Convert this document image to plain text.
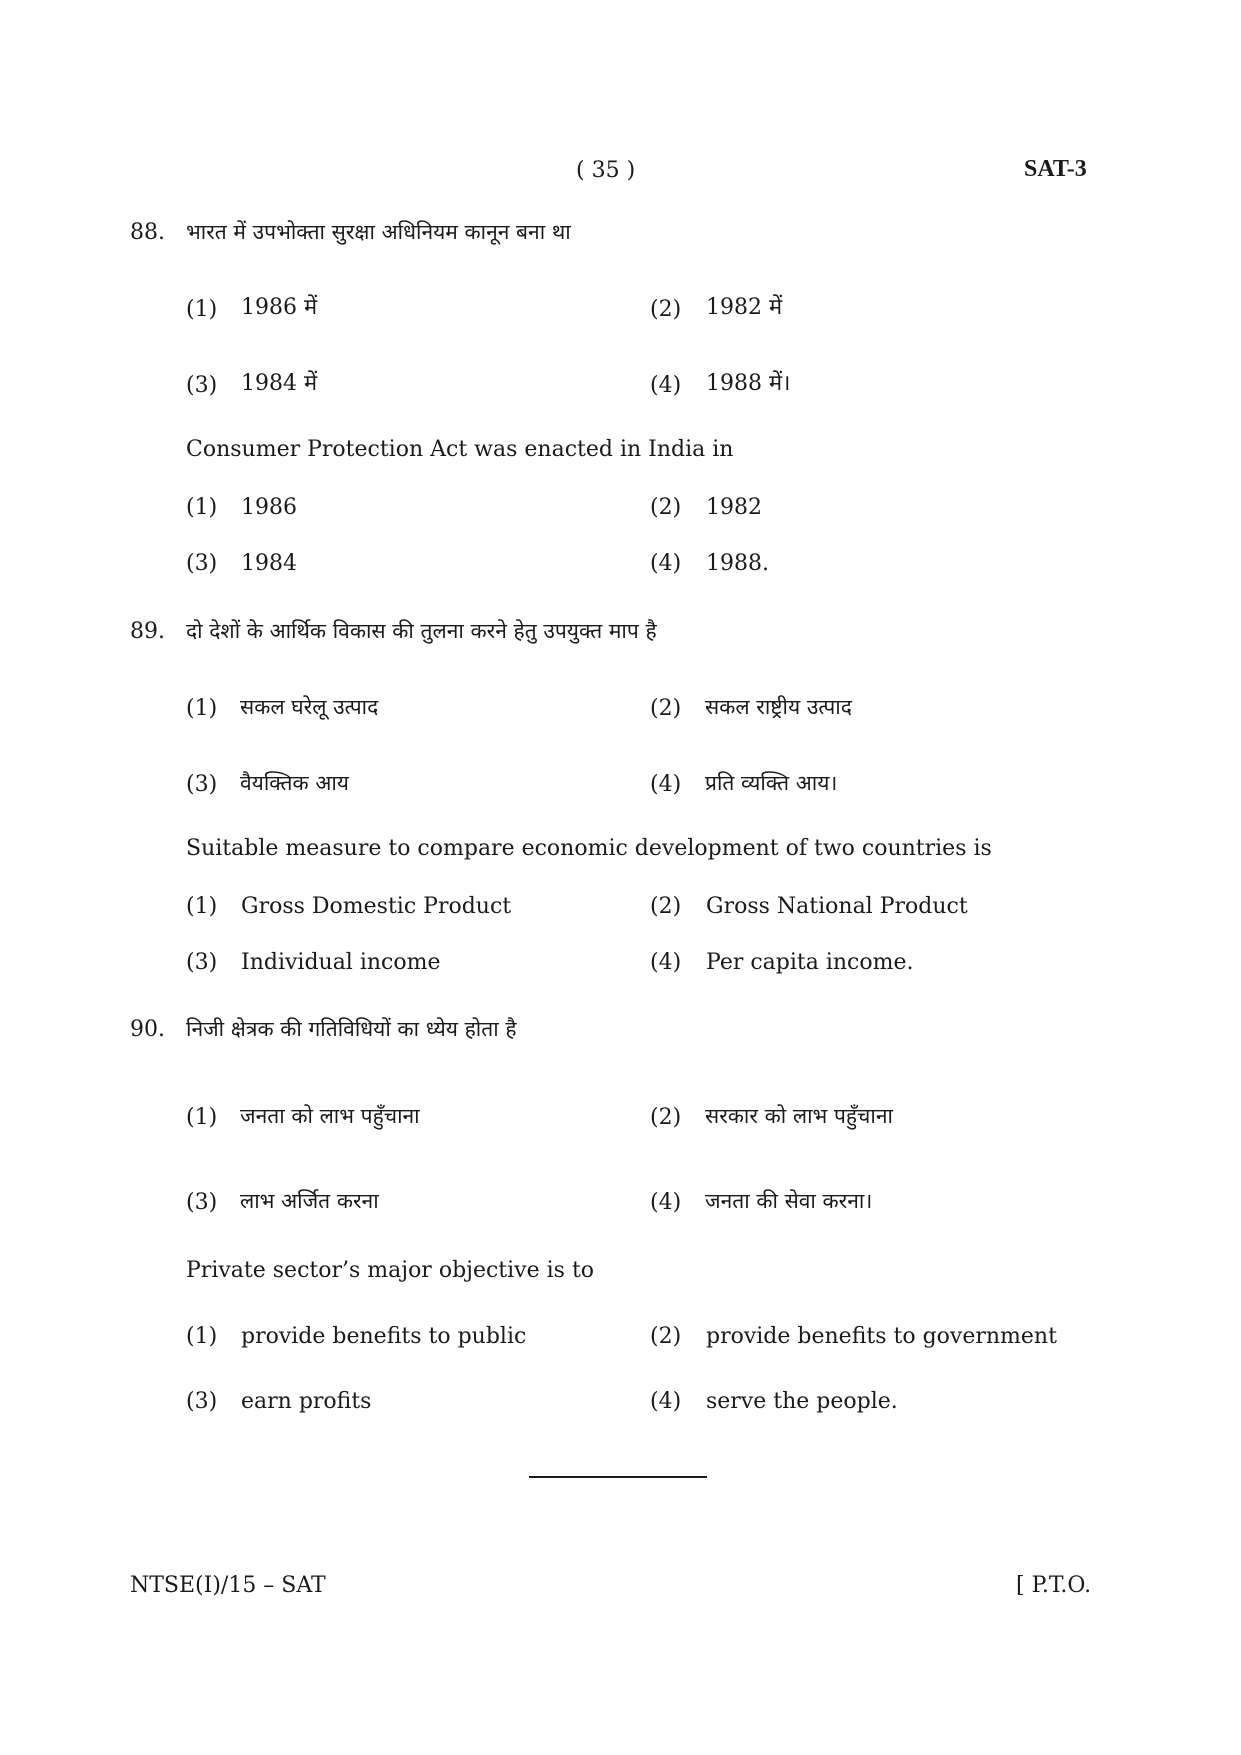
( 35 )	SAT-3
88. भारत में उपभोक्ता सुरक्षा अधिनियम कानून बना था
(1) 1986 में	(2) 1982 में
(3) 1984 में	(4) 1988 में।
Consumer Protection Act was enacted in India in
(1) 1986	(2) 1982
(3) 1984	(4) 1988.
89. दो देशों के आर्थिक विकास की तुलना करने हेतु उपयुक्त माप है
(1) सकल घरेलू उत्पाद	(2) सकल राष्ट्रीय उत्पाद
(3) वैयक्तिक आय	(4) प्रति व्यक्ति आय।
Suitable measure to compare economic development of two countries is
(1) Gross Domestic Product	(2) Gross National Product
(3) Individual income	(4) Per capita income.
90. निजी क्षेत्रक की गतिविधियों का ध्येय होता है
(1) जनता को लाभ पहुँचाना	(2) सरकार को लाभ पहुँचाना
(3) लाभ अर्जित करना	(4) जनता की सेवा करना।
Private sector’s major objective is to
(1) provide benefits to public	(2) provide benefits to government
(3) earn profits	(4) serve the people.
NTSE(I)/15 – SAT	[ P.T.O.
